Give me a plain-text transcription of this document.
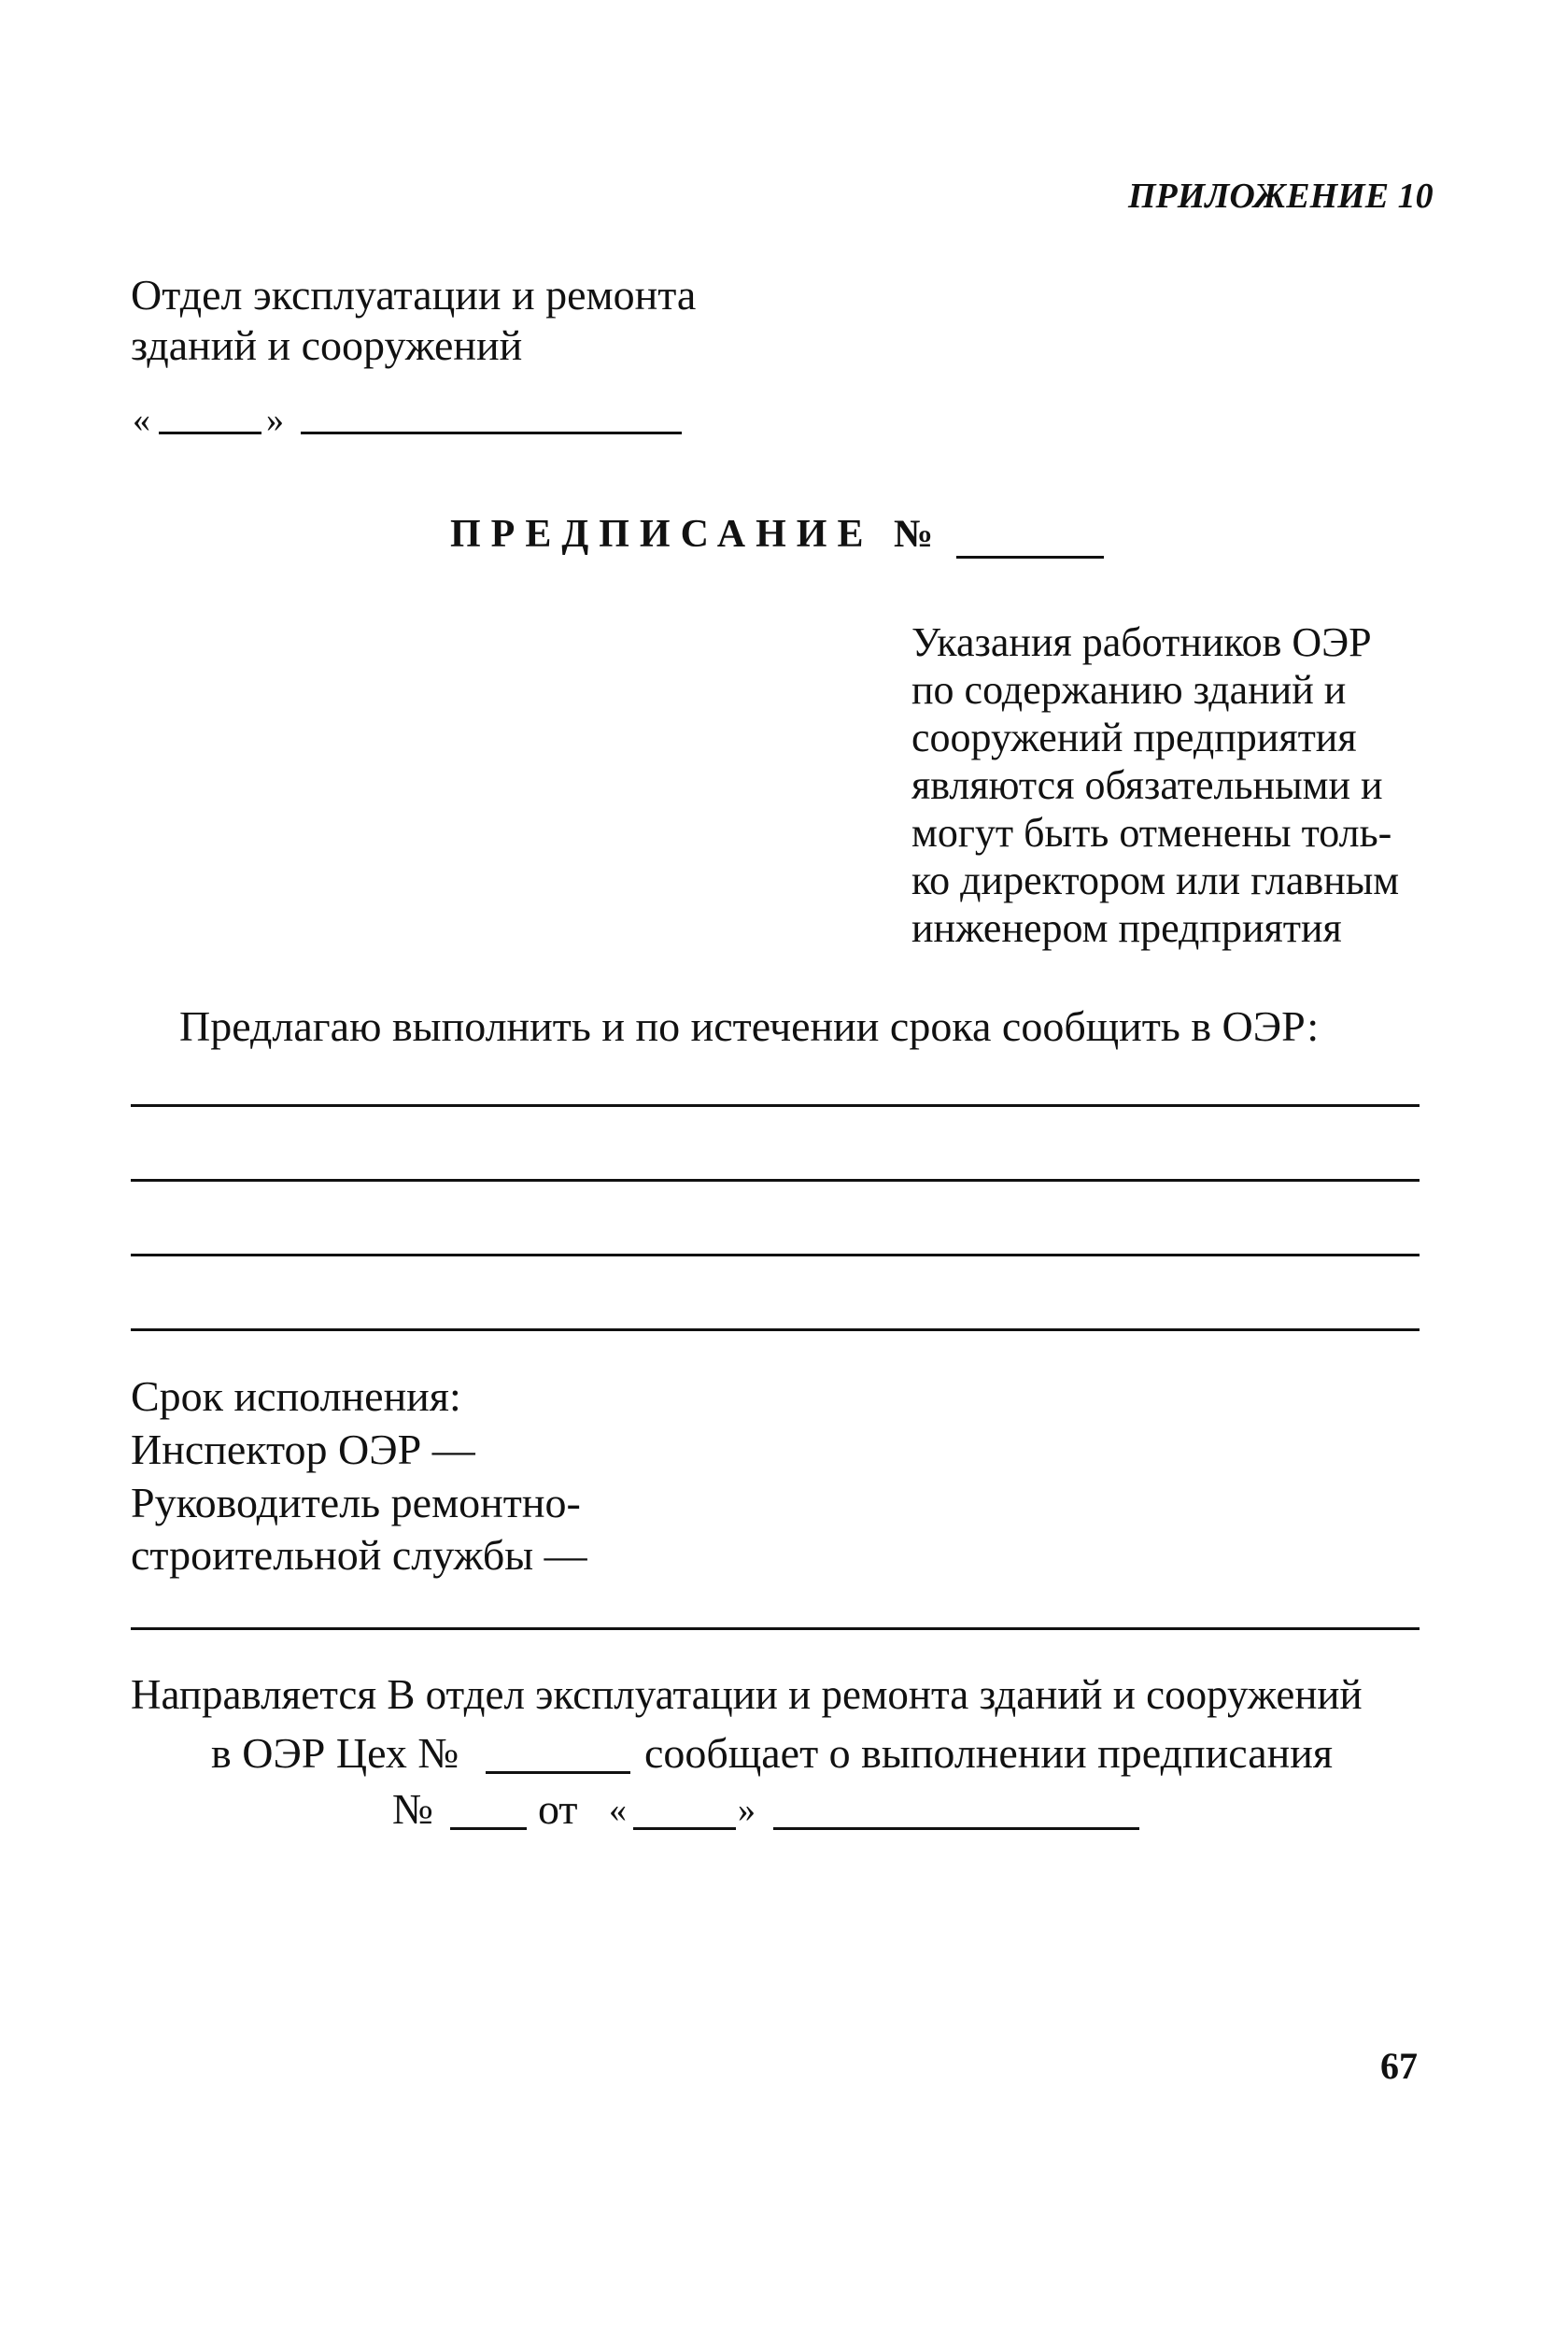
ПРИЛОЖЕНИЕ 10
Отдел эксплуатации и ремонта
зданий и сооружений
«	»
ПРЕДПИСАНИЕ №
Указания работников ОЭР
по содержанию зданий и
сооружений предприятия
являются обязательными и
могут быть отменены толь-
ко директором или главным
инженером предприятия
Предлагаю выполнить и по истечении срока сообщить в ОЭР:
Срок исполнения:
Инспектор ОЭР —
Руководитель ремонтно-
строительной службы —
Направляется В отдел эксплуатации и ремонта зданий и сооружений
в ОЭР Цех №	сообщает о выполнении предписания
№ от «	»
67
